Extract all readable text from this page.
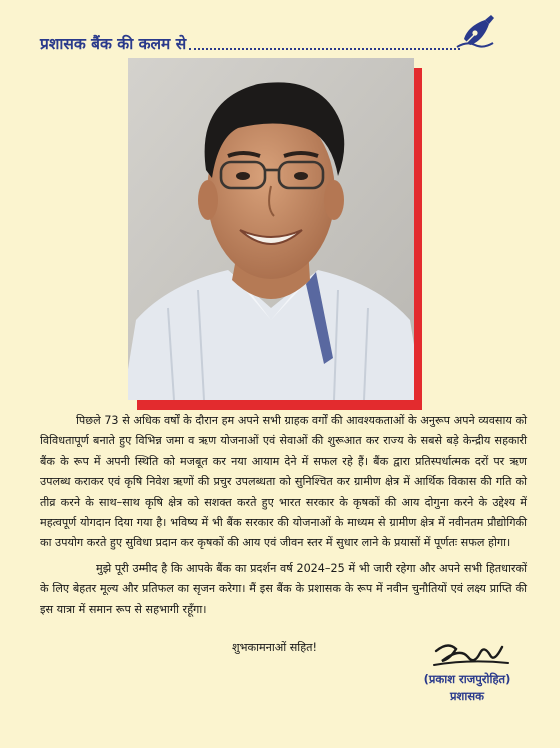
प्रशासक बैंक की कलम से

पिछले 73 से अधिक वर्षों के दौरान हम अपने सभी ग्राहक वर्गों की आवश्यकताओं के अनुरूप अपने व्यवसाय को विविधतापूर्ण बनाते हुए विभिन्न जमा व ऋण योजनाओं एवं सेवाओं की शुरूआत कर राज्य के सबसे बड़े केन्द्रीय सहकारी बैंक के रूप में अपनी स्थिति को मजबूत कर नया आयाम देने में सफल रहे हैं। बैंक द्वारा प्रतिस्पर्धात्मक दरों पर ऋण उपलब्ध कराकर एवं कृषि निवेश ऋणों की प्रचुर उपलब्धता को सुनिश्चित कर ग्रामीण क्षेत्र में आर्थिक विकास की गति को तीव्र करने के साथ–साथ कृषि क्षेत्र को सशक्त करते हुए भारत सरकार के कृषकों की आय दोगुना करने के उद्देश्य में महत्वपूर्ण योगदान दिया गया है। भविष्य में भी बैंक सरकार की योजनाओं के माध्यम से ग्रामीण क्षेत्र में नवीनतम प्रौद्योगिकी का उपयोग करते हुए सुविधा प्रदान कर कृषकों की आय एवं जीवन स्तर में सुधार लाने के प्रयासों में पूर्णतः सफल होगा।

मुझे पूरी उम्मीद है कि आपके बैंक का प्रदर्शन वर्ष 2024–25 में भी जारी रहेगा और अपने सभी हितधारकों के लिए बेहतर मूल्य और प्रतिफल का सृजन करेगा। मैं इस बैंक के प्रशासक के रूप में नवीन चुनौतियों एवं लक्ष्य प्राप्ति की इस यात्रा में समान रूप से सहभागी रहूँगा।

शुभकामनाओं सहित!
(प्रकाश राजपुरोहित)
प्रशासक
